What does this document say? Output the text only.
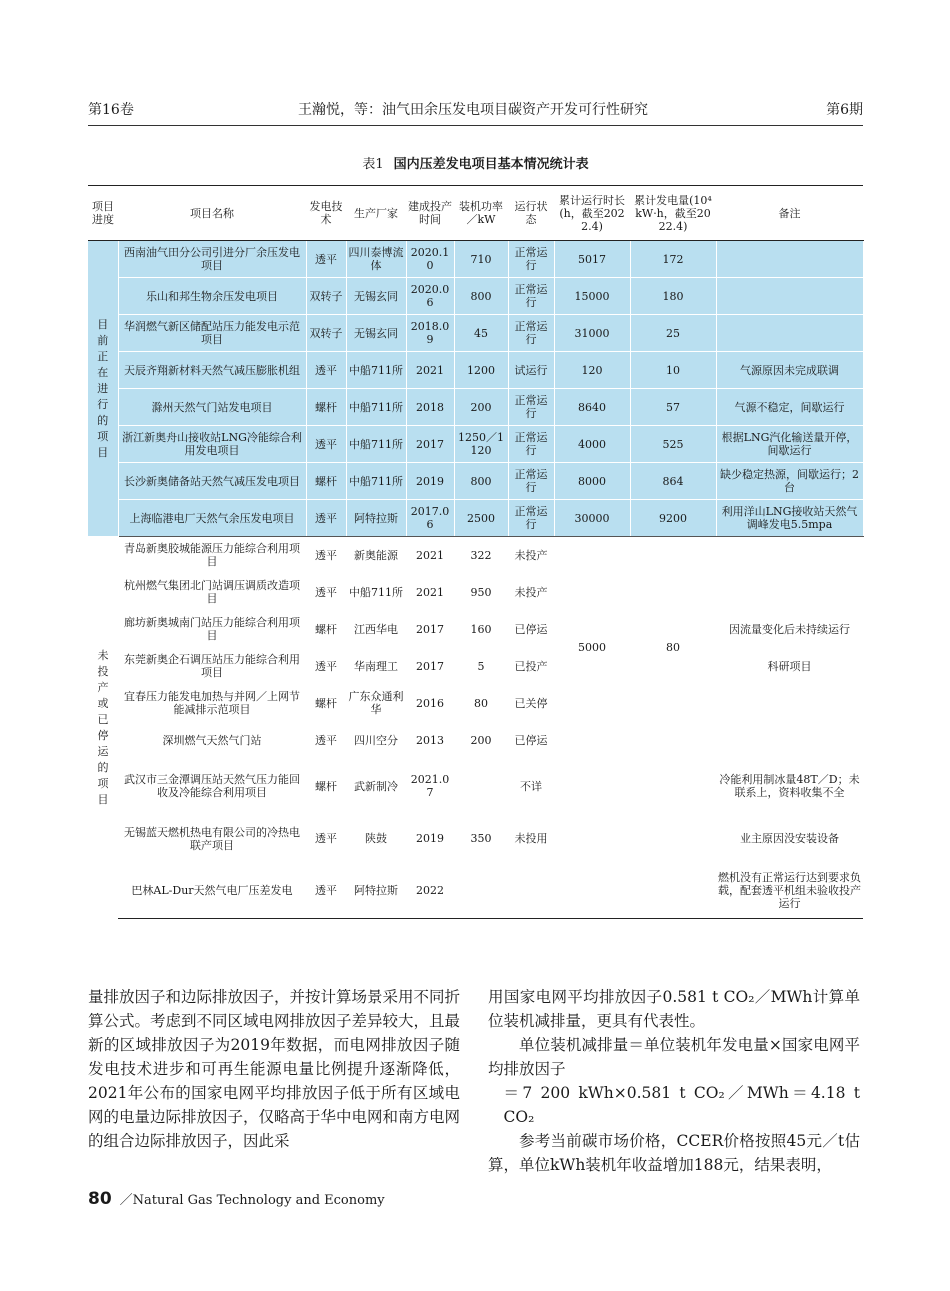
第16卷	王瀚悦，等：油气田余压发电项目碳资产开发可行性研究	第6期
表1 国内压差发电项目基本情况统计表
项目进度	项目名称	发电技术	生产厂家	建成投产时间	装机功率／kW	运行状态	累计运行时长(h，截至2022.4)	累计发电量(10⁴ kW·h，截至2022.4)	备注

目前正在进行的项目	西南油气田分公司引进分厂余压发电项目	透平	四川泰博流体	2020.10	710	正常运行	5017	172	
	乐山和邦生物余压发电项目	双转子	无锡玄同	2020.06	800	正常运行	15000	180	
	华润燃气新区储配站压力能发电示范项目	双转子	无锡玄同	2018.09	45	正常运行	31000	25	
	天辰齐翔新材料天然气减压膨胀机组	透平	中船711所	2021	1200	试运行	120	10	气源原因未完成联调
	滁州天然气门站发电项目	螺杆	中船711所	2018	200	正常运行	8640	57	气源不稳定，间歇运行
	浙江新奥舟山接收站LNG冷能综合利用发电项目	透平	中船711所	2017	1250／1120	正常运行	4000	525	根据LNG汽化输送量开停，间歇运行
	长沙新奥储备站天然气减压发电项目	螺杆	中船711所	2019	800	正常运行	8000	864	缺少稳定热源，间歇运行；2台
	上海临港电厂天然气余压发电项目	透平	阿特拉斯	2017.06	2500	正常运行	30000	9200	利用洋山LNG接收站天然气调峰发电5.5mpa

未投产或已停运的项目	青岛新奥胶城能源压力能综合利用项目	透平	新奥能源	2021	322	未投产	5000	80	
	杭州燃气集团北门站调压调质改造项目	透平	中船711所	2021	950	未投产			
	廊坊新奥城南门站压力能综合利用项目	螺杆	江西华电	2017	160	已停运			因流量变化后未持续运行
	东莞新奥企石调压站压力能综合利用项目	透平	华南理工	2017	5	已投产			科研项目
	宜春压力能发电加热与并网／上网节能减排示范项目	螺杆	广东众通利华	2016	80	已关停			
	深圳燃气天然气门站	透平	四川空分	2013	200	已停运			
	武汉市三金潭调压站天然气压力能回收及冷能综合利用项目	螺杆	武新制冷	2021.07		不详			冷能利用制冰量48T／D；未联系上，资料收集不全
	无锡蓝天燃机热电有限公司的冷热电联产项目	透平	陕鼓	2019	350	未投用			业主原因没安装设备
	巴林AL-Dur天然气电厂压差发电	透平	阿特拉斯	2022					燃机没有正常运行达到要求负载，配套透平机组未验收投产运行

量排放因子和边际排放因子，并按计算场景采用不同折算公式。考虑到不同区域电网排放因子差异较大，且最新的区域排放因子为2019年数据，而电网排放因子随发电技术进步和可再生能源电量比例提升逐渐降低，2021年公布的国家电网平均排放因子低于所有区域电网的电量边际排放因子，仅略高于华中电网和南方电网的组合边际排放因子，因此采

用国家电网平均排放因子0.581 t CO₂／MWh计算单位装机减排量，更具有代表性。

单位装机减排量＝单位装机年发电量×国家电网平均排放因子

＝7 200 kWh×0.581 t CO₂／MWh＝4.18 t CO₂

参考当前碳市场价格，CCER价格按照45元／t估算，单位kWh装机年收益增加188元，结果表明，

80 ／Natural Gas Technology and Economy
